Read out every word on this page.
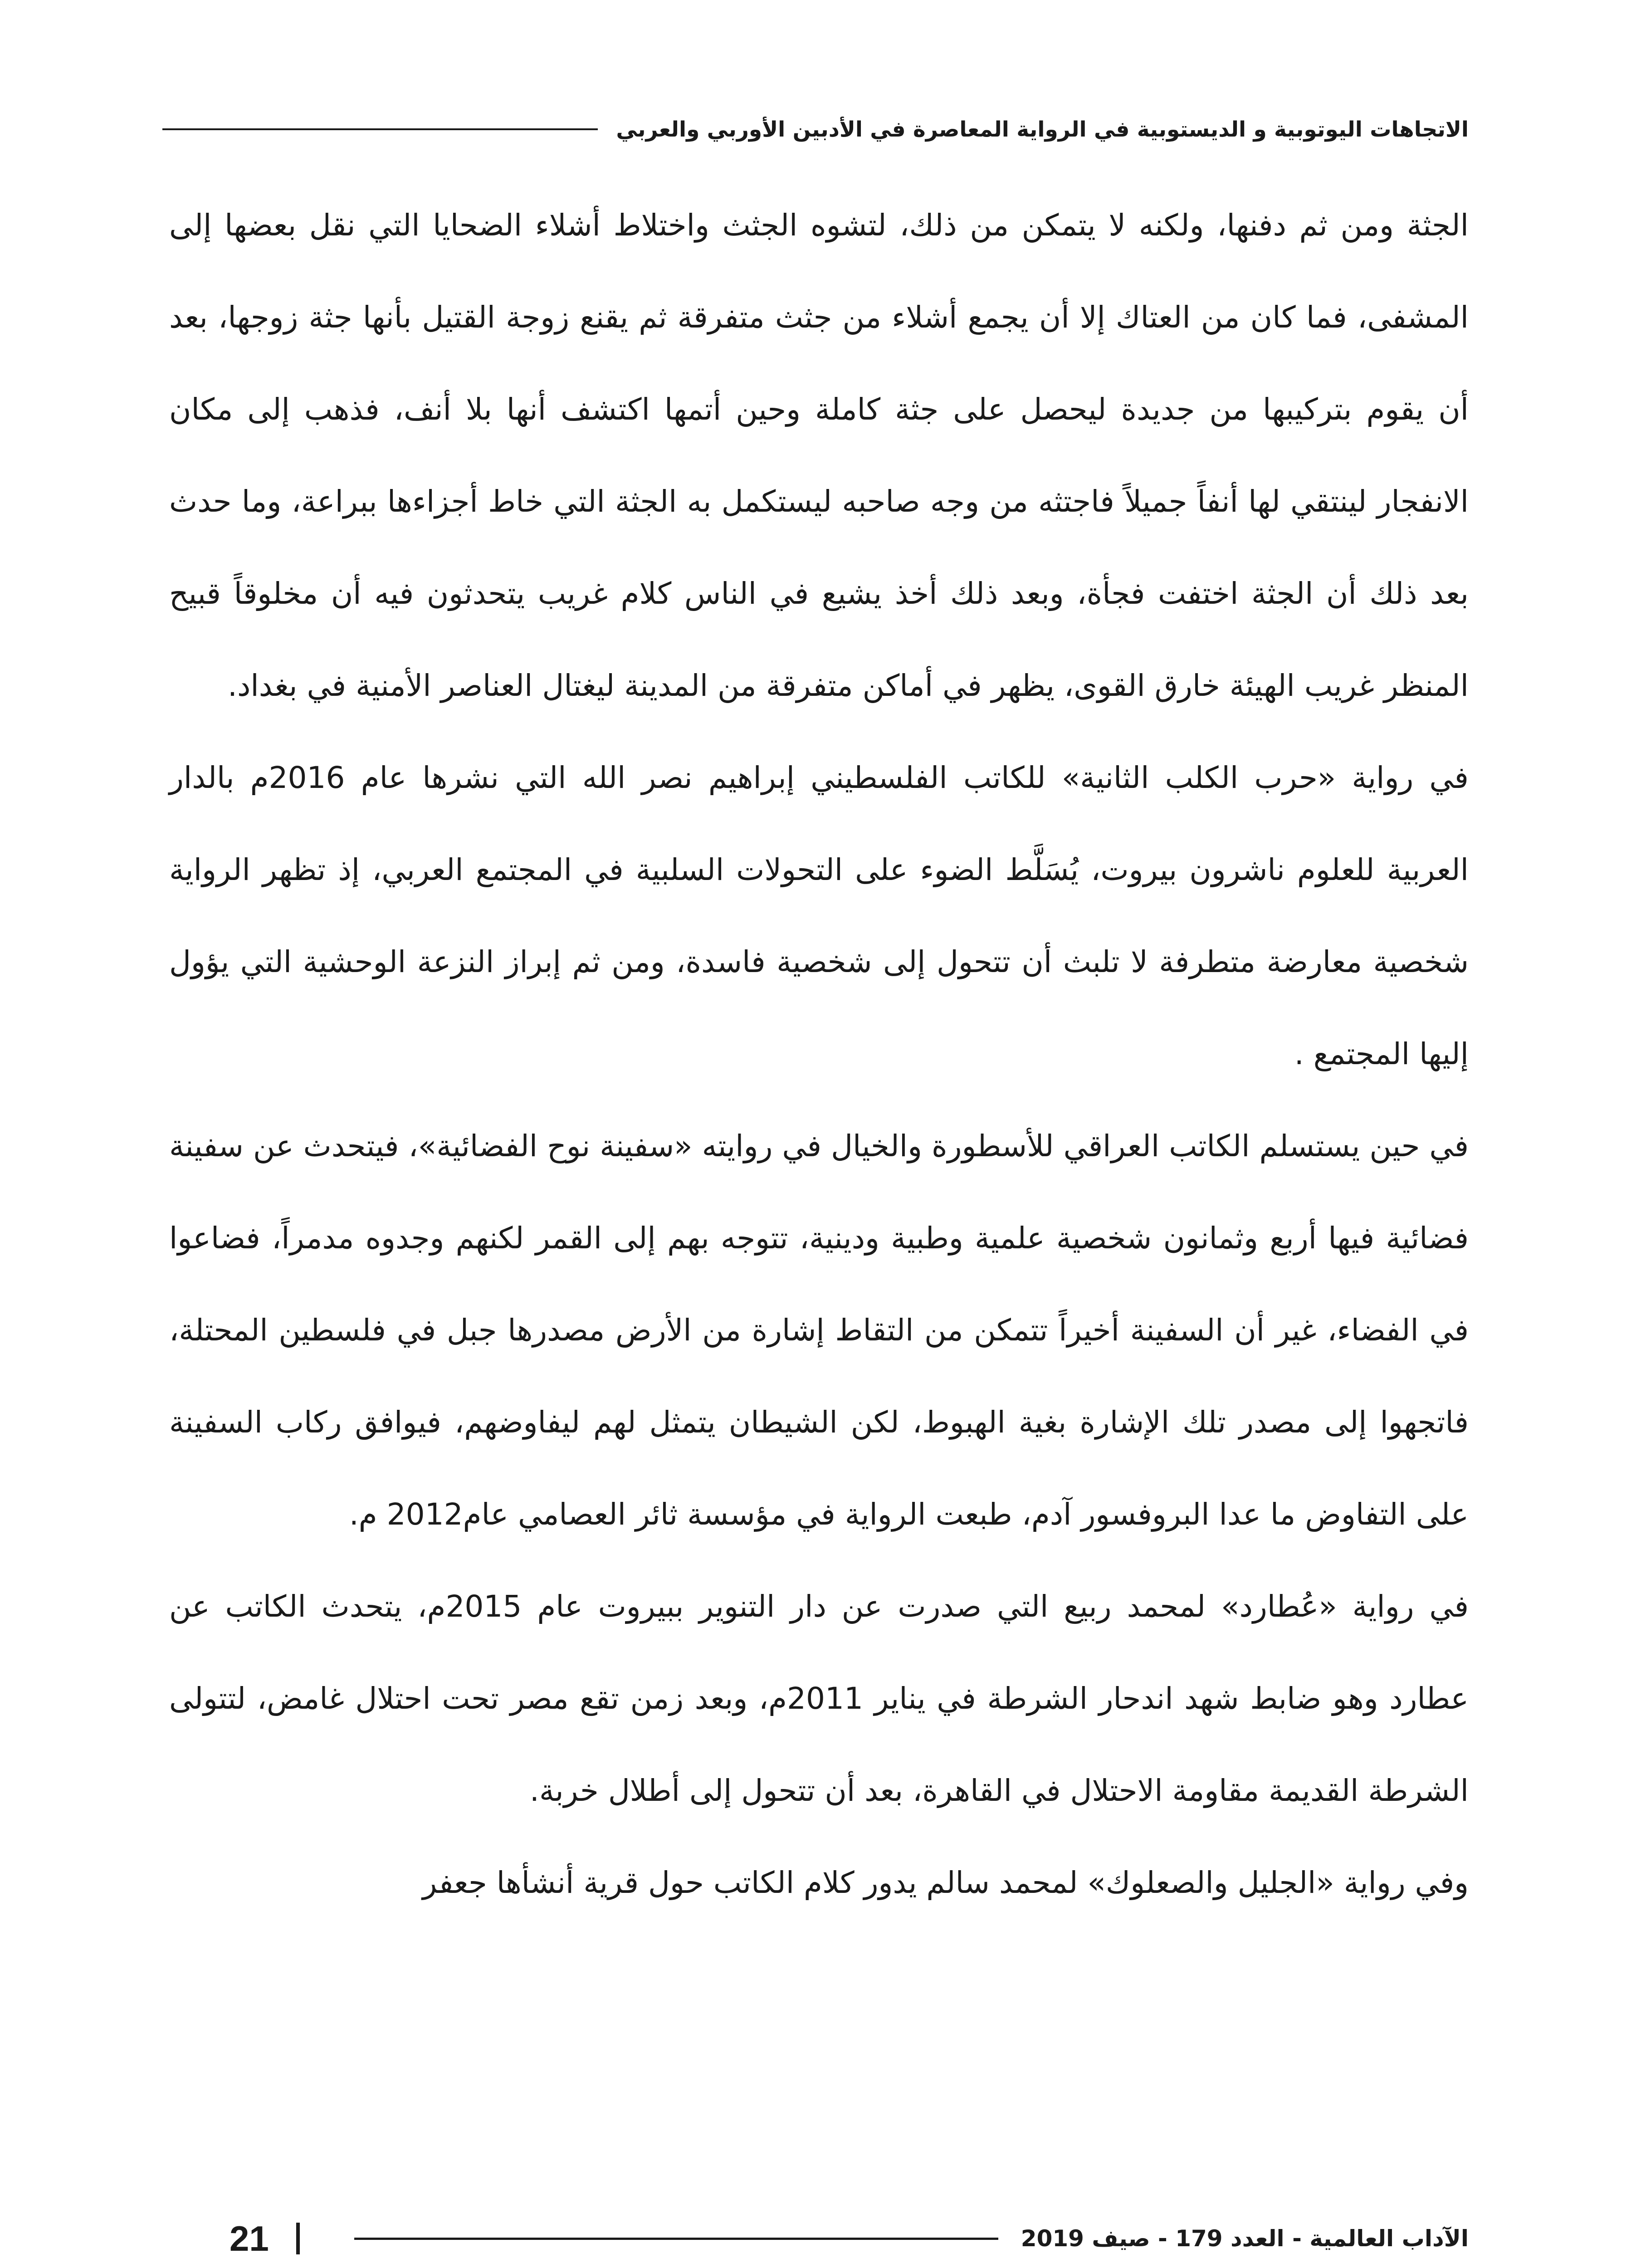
الاتجاهات اليوتوبية و الديستوبية في الرواية المعاصرة في الأدبين الأوربي والعربي

الجثة ومن ثم دفنها، ولكنه لا يتمكن من ذلك، لتشوه الجثث واختلاط أشلاء الضحايا التي نقل بعضها إلى المشفى، فما كان من العتاك إلا أن يجمع أشلاء من جثث متفرقة ثم يقنع زوجة القتيل بأنها جثة زوجها، بعد أن يقوم بتركيبها من جديدة ليحصل على جثة كاملة وحين أتمها اكتشف أنها بلا أنف، فذهب إلى مكان الانفجار لينتقي لها أنفاً جميلاً فاجتثه من وجه صاحبه ليستكمل به الجثة التي خاط أجزاءها ببراعة، وما حدث بعد ذلك أن الجثة اختفت فجأة، وبعد ذلك أخذ يشيع في الناس كلام غريب يتحدثون فيه أن مخلوقاً قبيح المنظر غريب الهيئة خارق القوى، يظهر في أماكن متفرقة من المدينة ليغتال العناصر الأمنية في بغداد.

في رواية «حرب الكلب الثانية» للكاتب الفلسطيني إبراهيم نصر الله التي نشرها عام 2016م بالدار العربية للعلوم ناشرون بيروت، يُسَلَّط الضوء على التحولات السلبية في المجتمع العربي، إذ تظهر الرواية شخصية معارضة متطرفة لا تلبث أن تتحول إلى شخصية فاسدة، ومن ثم إبراز النزعة الوحشية التي يؤول إليها المجتمع .

في حين يستسلم الكاتب العراقي للأسطورة والخيال في روايته «سفينة نوح الفضائية»، فيتحدث عن سفينة فضائية فيها أربع وثمانون شخصية علمية وطبية ودينية، تتوجه بهم إلى القمر لكنهم وجدوه مدمراً، فضاعوا في الفضاء، غير أن السفينة أخيراً تتمكن من التقاط إشارة من الأرض مصدرها جبل في فلسطين المحتلة، فاتجهوا إلى مصدر تلك الإشارة بغية الهبوط، لكن الشيطان يتمثل لهم ليفاوضهم، فيوافق ركاب السفينة على التفاوض ما عدا البروفسور آدم، طبعت الرواية في مؤسسة ثائر العصامي عام2012 م.

في رواية «عُطارد» لمحمد ربيع التي صدرت عن دار التنوير ببيروت عام 2015م، يتحدث الكاتب عن عطارد وهو ضابط شهد اندحار الشرطة في يناير 2011م، وبعد زمن تقع مصر تحت احتلال غامض، لتتولى الشرطة القديمة مقاومة الاحتلال في القاهرة، بعد أن تتحول إلى أطلال خربة.

وفي رواية «الجليل والصعلوك» لمحمد سالم يدور كلام الكاتب حول قرية أنشأها جعفر

الآداب العالمية - العدد 179 - صيف 2019
21
